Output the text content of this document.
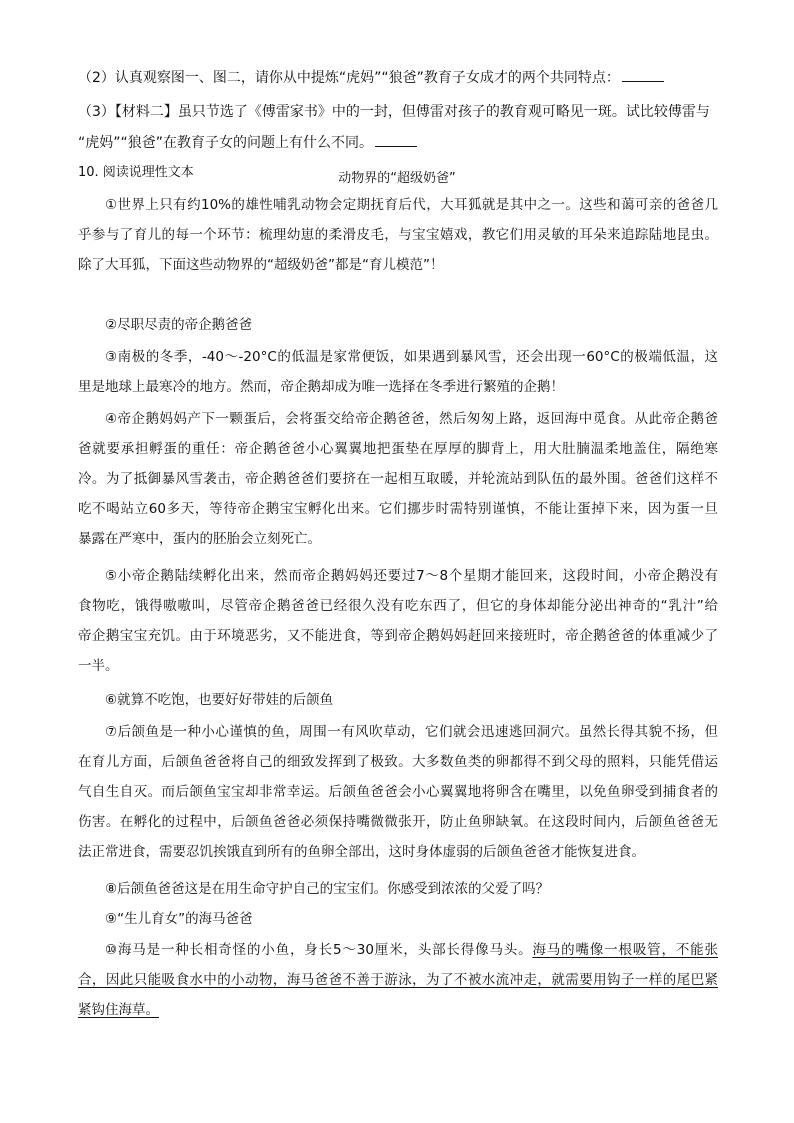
（2）认真观察图一、图二，请你从中提炼“虎妈”“狼爸”教育子女成才的两个共同特点：
（3）【材料二】虽只节选了《傅雷家书》中的一封，但傅雷对孩子的教育观可略见一斑。试比较傅雷与
“虎妈”“狼爸”在教育子女的问题上有什么不同。
10. 阅读说理性文本	动物界的“超级奶爸”
①世界上只有约10%的雄性哺乳动物会定期抚育后代，大耳狐就是其中之一。这些和蔼可亲的爸爸几
乎参与了育儿的每一个环节：梳理幼崽的柔滑皮毛，与宝宝嬉戏，教它们用灵敏的耳朵来追踪陆地昆虫。
除了大耳狐，下面这些动物界的“超级奶爸”都是“育儿模范”！
②尽职尽责的帝企鹅爸爸
③南极的冬季，-40～-20°C的低温是家常便饭，如果遇到暴风雪，还会出现一60°C的极端低温，这
里是地球上最寒冷的地方。然而，帝企鹅却成为唯一选择在冬季进行繁殖的企鹅！
④帝企鹅妈妈产下一颗蛋后，会将蛋交给帝企鹅爸爸，然后匆匆上路，返回海中觅食。从此帝企鹅爸
爸就要承担孵蛋的重任：帝企鹅爸爸小心翼翼地把蛋垫在厚厚的脚背上，用大肚腩温柔地盖住，隔绝寒
冷。为了抵御暴风雪袭击，帝企鹅爸爸们要挤在一起相互取暖，并轮流站到队伍的最外围。爸爸们这样不
吃不喝站立60多天，等待帝企鹅宝宝孵化出来。它们挪步时需特别谨慎，不能让蛋掉下来，因为蛋一旦
暴露在严寒中，蛋内的胚胎会立刻死亡。
⑤小帝企鹅陆续孵化出来，然而帝企鹅妈妈还要过7～8个星期才能回来，这段时间，小帝企鹅没有
食物吃，饿得嗷嗷叫，尽管帝企鹅爸爸已经很久没有吃东西了，但它的身体却能分泌出神奇的“乳汁”给
帝企鹅宝宝充饥。由于环境恶劣，又不能进食，等到帝企鹅妈妈赶回来接班时，帝企鹅爸爸的体重减少了
一半。
⑥就算不吃饱，也要好好带娃的后颌鱼
⑦后颌鱼是一种小心谨慎的鱼，周围一有风吹草动，它们就会迅速逃回洞穴。虽然长得其貌不扬，但
在育儿方面，后颌鱼爸爸将自己的细致发挥到了极致。大多数鱼类的卵都得不到父母的照料，只能凭借运
气自生自灭。而后颌鱼宝宝却非常幸运。后颌鱼爸爸会小心翼翼地将卵含在嘴里，以免鱼卵受到捕食者的
伤害。在孵化的过程中，后颌鱼爸爸必须保持嘴微微张开，防止鱼卵缺氧。在这段时间内，后颌鱼爸爸无
法正常进食，需要忍饥挨饿直到所有的鱼卵全部出，这时身体虚弱的后颌鱼爸爸才能恢复进食。
⑧后颌鱼爸爸这是在用生命守护自己的宝宝们。你感受到浓浓的父爱了吗？
⑨“生儿育女”的海马爸爸
⑩海马是一种长相奇怪的小鱼，身长5～30厘米，头部长得像马头。海马的嘴像一根吸管，不能张
合，因此只能吸食水中的小动物，海马爸爸不善于游泳，为了不被水流冲走，就需要用钩子一样的尾巴紧
紧钩住海草。
